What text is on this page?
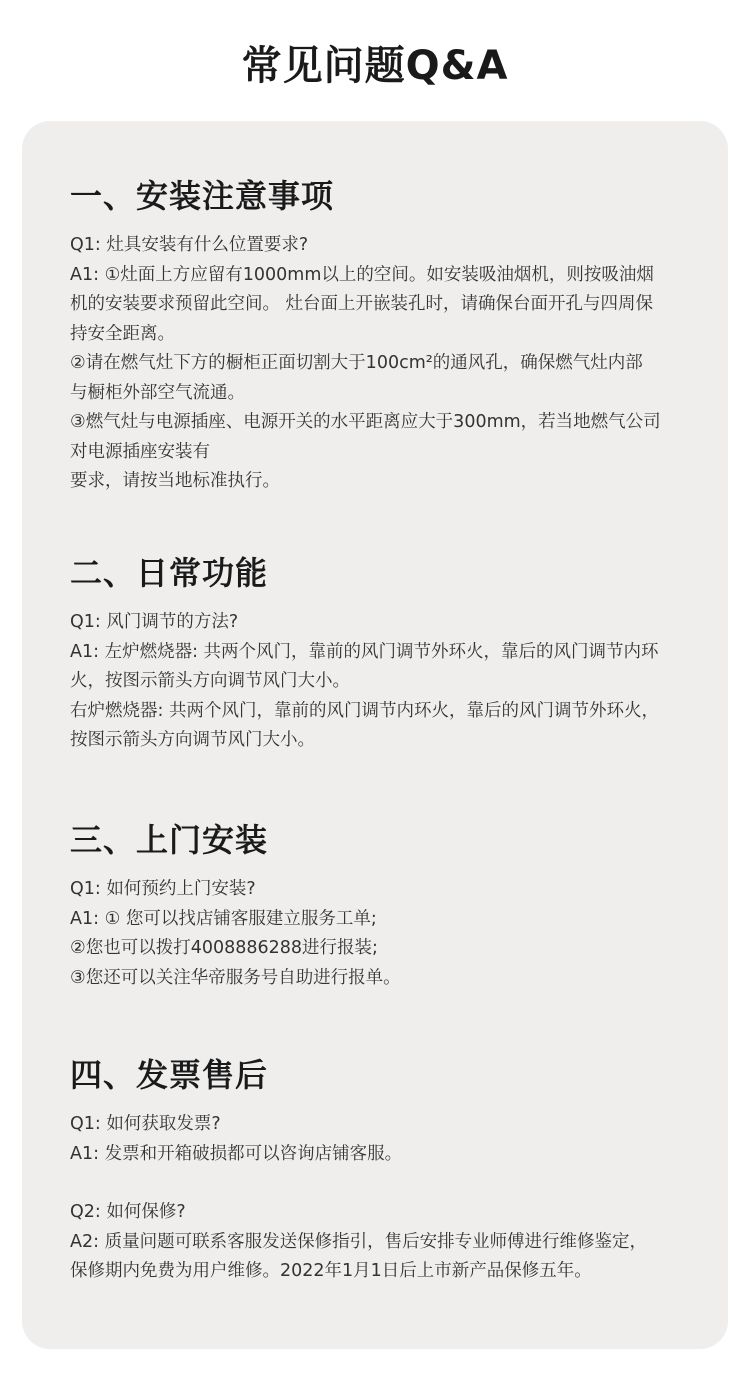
常见问题Q&A
一、安装注意事项

Q1: 灶具安装有什么位置要求?

A1: ①灶面上方应留有1000mm以上的空间。如安装吸油烟机，则按吸油烟

机的安装要求预留此空间。 灶台面上开嵌装孔时，请确保台面开孔与四周保

持安全距离。

②请在燃气灶下方的橱柜正面切割大于100cm²的通风孔，确保燃气灶内部

与橱柜外部空气流通。

③燃气灶与电源插座、电源开关的水平距离应大于300mm，若当地燃气公司

对电源插座安装有

要求，请按当地标准执行。

二、日常功能

Q1: 风门调节的方法?

A1: 左炉燃烧器: 共两个风门，靠前的风门调节外环火，靠后的风门调节内环

火，按图示箭头方向调节风门大小。

右炉燃烧器: 共两个风门，靠前的风门调节内环火，靠后的风门调节外环火，

按图示箭头方向调节风门大小。

三、上门安装

Q1: 如何预约上门安装?

A1: ① 您可以找店铺客服建立服务工单;

②您也可以拨打4008886288进行报装;

③您还可以关注华帝服务号自助进行报单。

四、发票售后

Q1: 如何获取发票?

A1: 发票和开箱破损都可以咨询店铺客服。

Q2: 如何保修?

A2: 质量问题可联系客服发送保修指引，售后安排专业师傅进行维修鉴定，

保修期内免费为用户维修。2022年1月1日后上市新产品保修五年。
